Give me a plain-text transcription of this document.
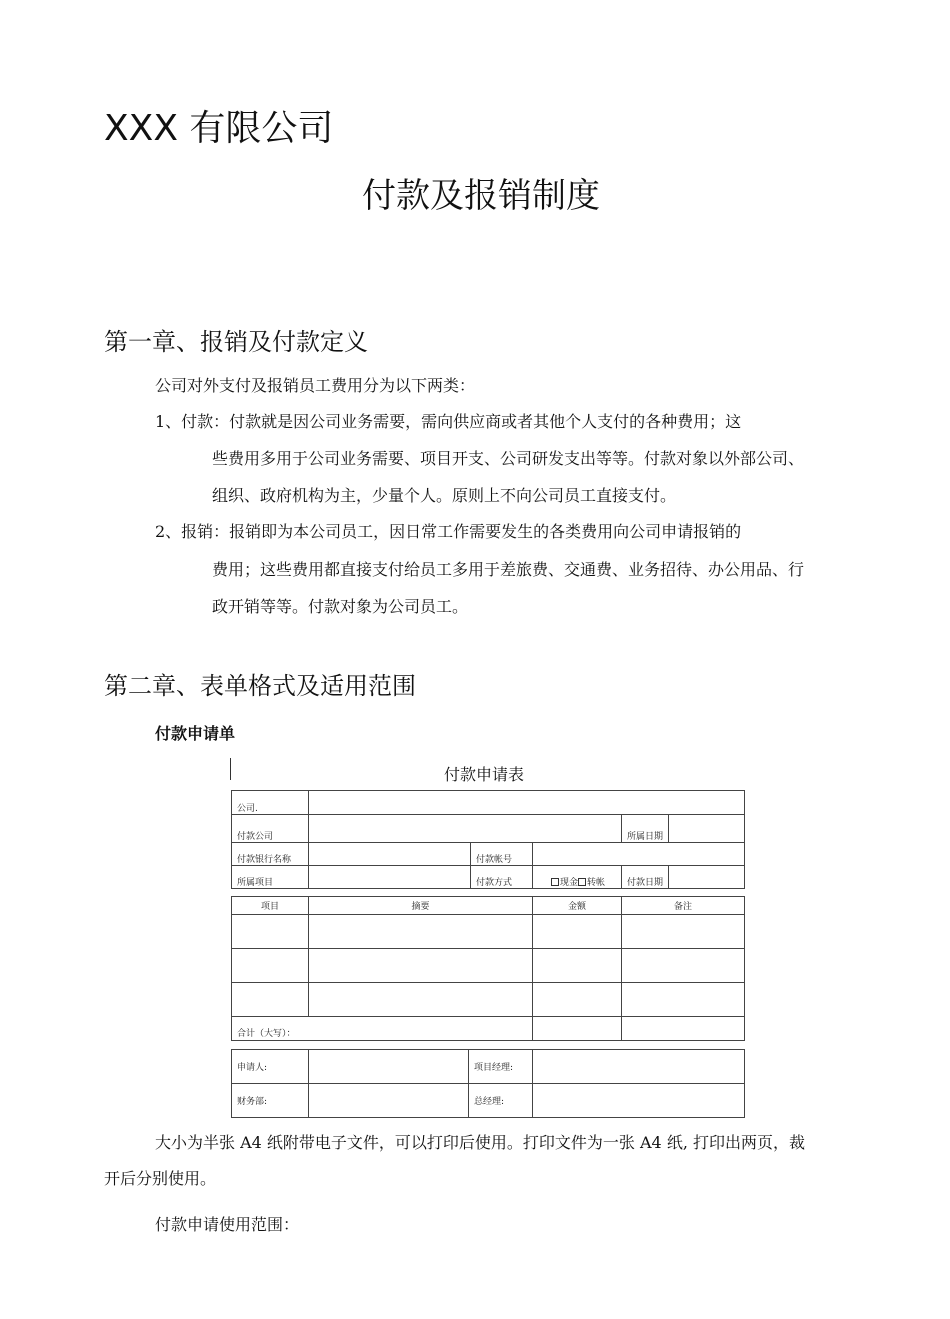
XXX 有限公司
付款及报销制度
第一章、报销及付款定义
公司对外支付及报销员工费用分为以下两类：
1、付款：付款就是因公司业务需要，需向供应商或者其他个人支付的各种费用；这
些费用多用于公司业务需要、项目开支、公司研发支出等等。付款对象以外部公司、
组织、政府机构为主，少量个人。原则上不向公司员工直接支付。
2、报销：报销即为本公司员工，因日常工作需要发生的各类费用向公司申请报销的
费用；这些费用都直接支付给员工多用于差旅费、交通费、业务招待、办公用品、行
政开销等等。付款对象为公司员工。
第二章、表单格式及适用范围
付款申请单
付款申请表
公司.					
付款公司				所属日期	
付款银行名称		付款帐号			
所属项目		付款方式	现金 转帐	付款日期	
项目	摘要	金额	备注

合计（大写）：			
申请人:		项目经理:	
财务部:		总经理:	
大小为半张 A4 纸附带电子文件，可以打印后使用。打印文件为一张 A4 纸, 打印出两页，裁
开后分别使用。
付款申请使用范围：
